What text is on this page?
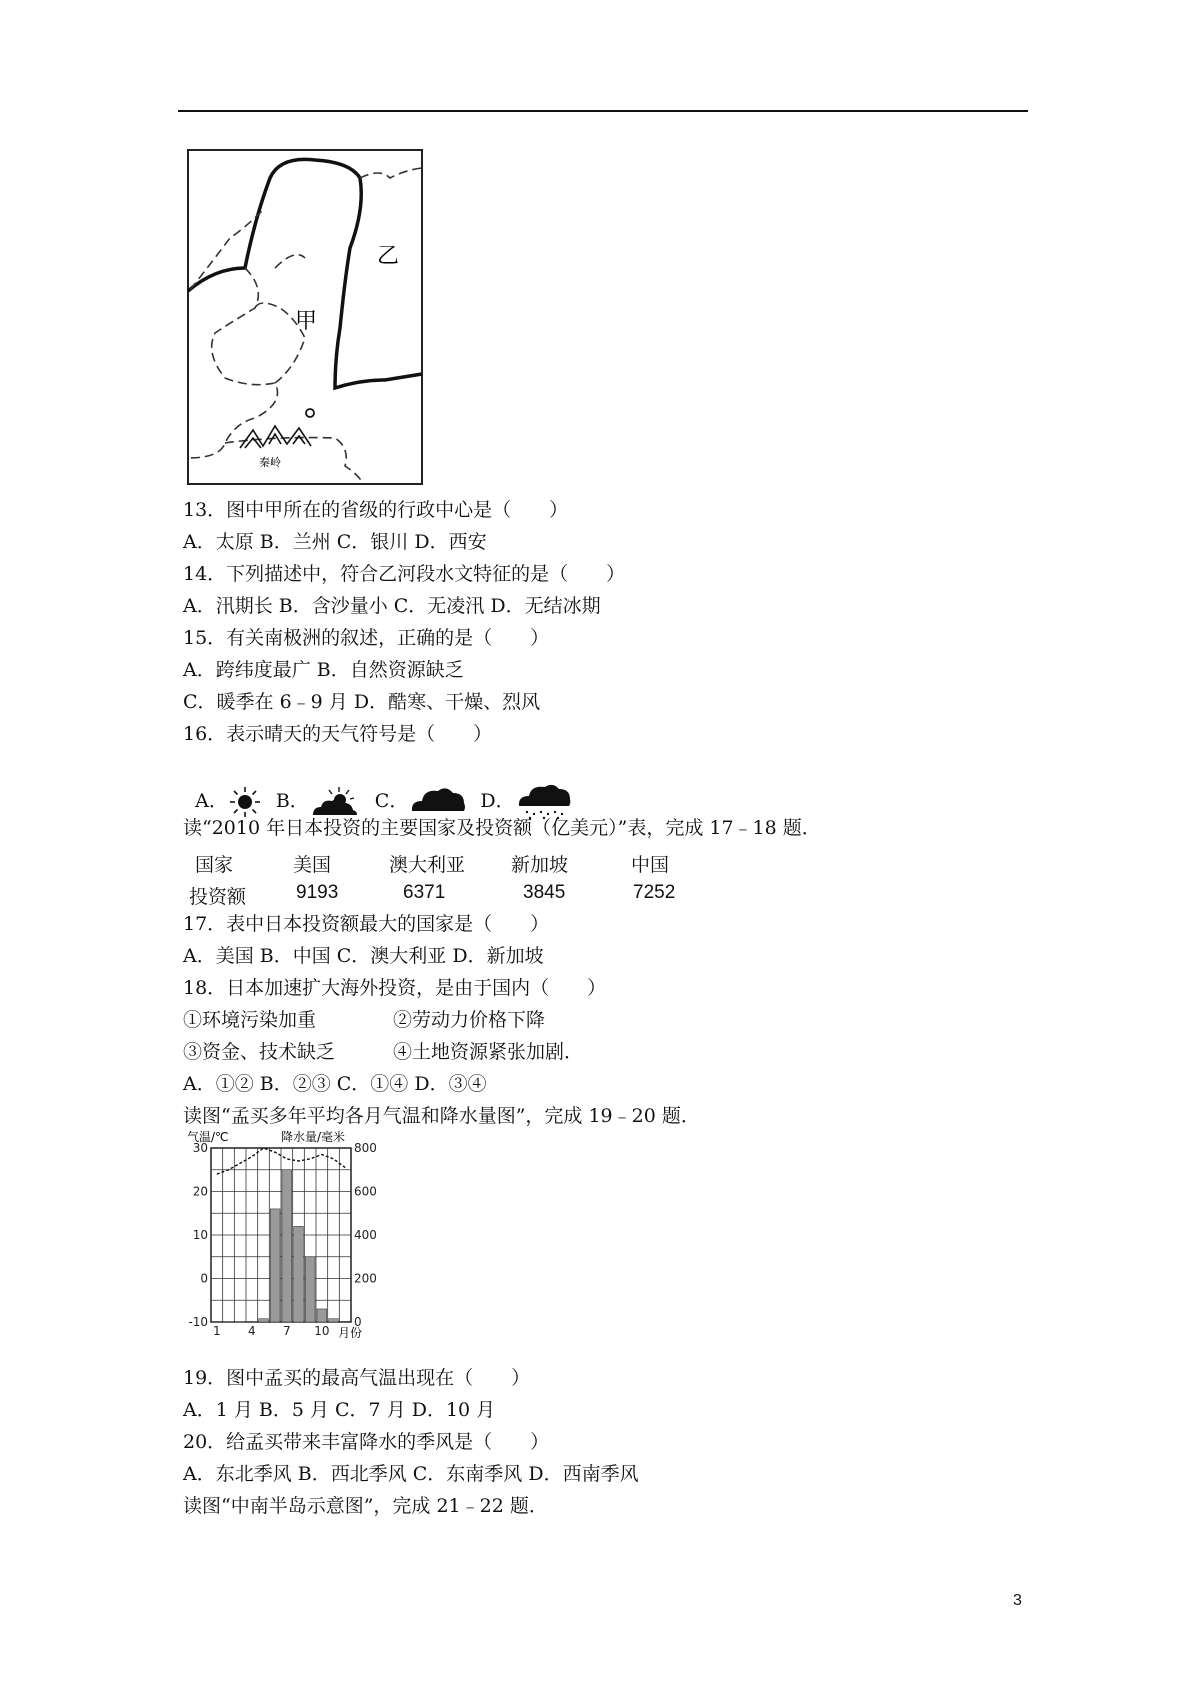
甲
乙
秦岭
13．图中甲所在的省级的行政中心是（　　）
A．太原 B．兰州 C．银川 D．西安
14．下列描述中，符合乙河段水文特征的是（　　）
A．汛期长 B．含沙量小 C．无凌汛 D．无结冰期
15．有关南极洲的叙述，正确的是（　　）
A．跨纬度最广 B．自然资源缺乏
C．暖季在 6﹣9 月 D．酷寒、干燥、烈风
16．表示晴天的天气符号是（　　）

A．	B．	C．	D．

读“2010 年日本投资的主要国家及投资额（亿美元）”表，完成 17﹣18 题．
国家	美国	澳大利亚 新加坡	中国
投资额	9193	6371	3845	7252
17．表中日本投资额最大的国家是（　　）
A．美国 B．中国 C．澳大利亚 D．新加坡
18．日本加速扩大海外投资，是由于国内（　　）
①环境污染加重	②劳动力价格下降
③资金、技术缺乏	④土地资源紧张加剧．
A．①② B．②③ C．①④ D．③④
读图“孟买多年平均各月气温和降水量图”，完成 19﹣20 题．
30
20
10
0
-10
800
600
400
200
0
1 4 7 10
气温/℃	降水量/毫米
月份
19．图中孟买的最高气温出现在（　　）
A．1 月 B．5 月 C．7 月 D．10 月
20．给孟买带来丰富降水的季风是（　　）
A．东北季风 B．西北季风 C．东南季风 D．西南季风
读图“中南半岛示意图”，完成 21﹣22 题．
3
